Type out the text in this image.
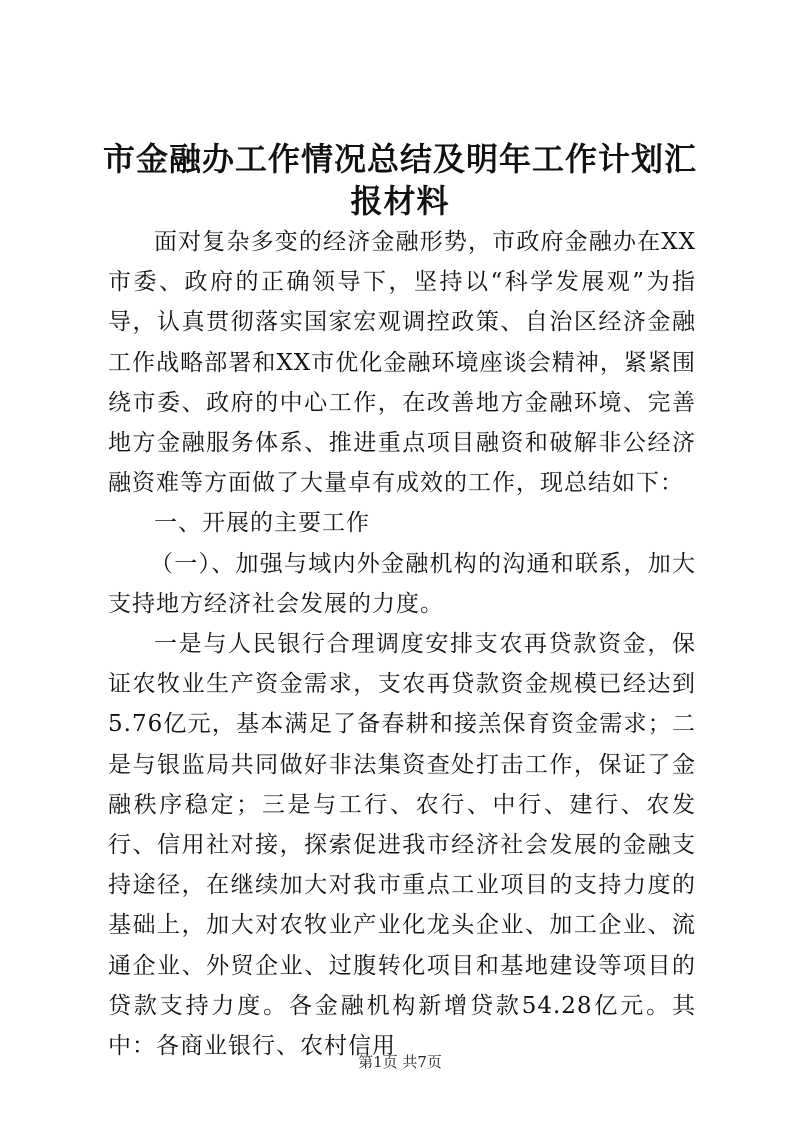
市金融办工作情况总结及明年工作计划汇报材料

面对复杂多变的经济金融形势，市政府金融办在XX市委、政府的正确领导下，坚持以“科学发展观”为指导，认真贯彻落实国家宏观调控政策、自治区经济金融工作战略部署和XX市优化金融环境座谈会精神，紧紧围绕市委、政府的中心工作，在改善地方金融环境、完善地方金融服务体系、推进重点项目融资和破解非公经济融资难等方面做了大量卓有成效的工作，现总结如下：

一、开展的主要工作

（一）、加强与域内外金融机构的沟通和联系，加大支持地方经济社会发展的力度。

一是与人民银行合理调度安排支农再贷款资金，保证农牧业生产资金需求，支农再贷款资金规模已经达到5.76亿元，基本满足了备春耕和接羔保育资金需求；二是与银监局共同做好非法集资查处打击工作，保证了金融秩序稳定；三是与工行、农行、中行、建行、农发行、信用社对接，探索促进我市经济社会发展的金融支持途径，在继续加大对我市重点工业项目的支持力度的基础上，加大对农牧业产业化龙头企业、加工企业、流通企业、外贸企业、过腹转化项目和基地建设等项目的贷款支持力度。各金融机构新增贷款54.28亿元。其中：各商业银行、农村信用

第1页 共7页
